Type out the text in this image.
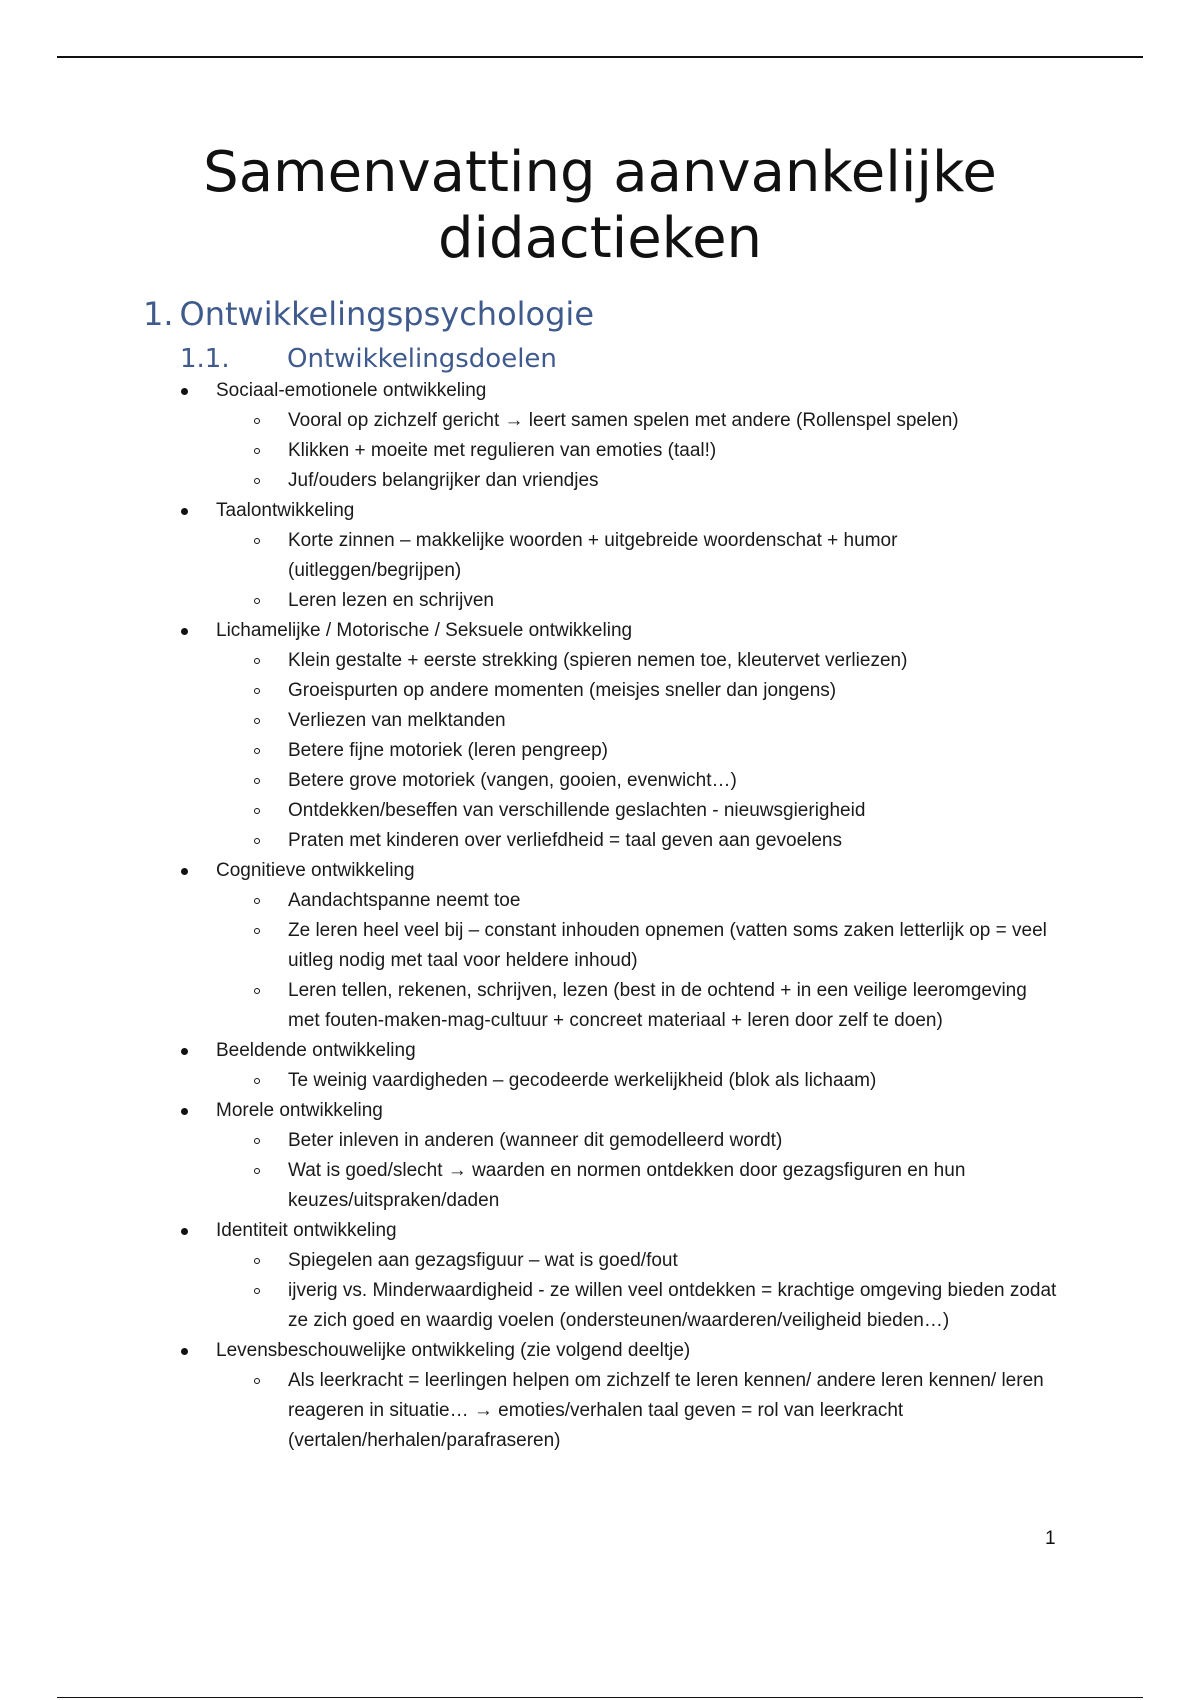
Samenvatting aanvankelijke
didactieken
1. Ontwikkelingspsychologie
1.1. Ontwikkelingsdoelen
Sociaal-emotionele ontwikkeling
Vooral op zichzelf gericht → leert samen spelen met andere (Rollenspel spelen)
Klikken + moeite met regulieren van emoties (taal!)
Juf/ouders belangrijker dan vriendjes
Taalontwikkeling
Korte zinnen – makkelijke woorden + uitgebreide woordenschat + humor (uitleggen/begrijpen)
Leren lezen en schrijven
Lichamelijke / Motorische / Seksuele ontwikkeling
Klein gestalte + eerste strekking (spieren nemen toe, kleutervet verliezen)
Groeispurten op andere momenten (meisjes sneller dan jongens)
Verliezen van melktanden
Betere fijne motoriek (leren pengreep)
Betere grove motoriek (vangen, gooien, evenwicht…)
Ontdekken/beseffen van verschillende geslachten - nieuwsgierigheid
Praten met kinderen over verliefdheid = taal geven aan gevoelens
Cognitieve ontwikkeling
Aandachtspanne neemt toe
Ze leren heel veel bij – constant inhouden opnemen (vatten soms zaken letterlijk op = veel uitleg nodig met taal voor heldere inhoud)
Leren tellen, rekenen, schrijven, lezen (best in de ochtend + in een veilige leeromgeving met fouten-maken-mag-cultuur + concreet materiaal + leren door zelf te doen)
Beeldende ontwikkeling
Te weinig vaardigheden – gecodeerde werkelijkheid (blok als lichaam)
Morele ontwikkeling
Beter inleven in anderen (wanneer dit gemodelleerd wordt)
Wat is goed/slecht → waarden en normen ontdekken door gezagsfiguren en hun keuzes/uitspraken/daden
Identiteit ontwikkeling
Spiegelen aan gezagsfiguur – wat is goed/fout
ijverig vs. Minderwaardigheid - ze willen veel ontdekken = krachtige omgeving bieden zodat ze zich goed en waardig voelen (ondersteunen/waarderen/veiligheid bieden…)
Levensbeschouwelijke ontwikkeling (zie volgend deeltje)
Als leerkracht = leerlingen helpen om zichzelf te leren kennen/ andere leren kennen/ leren reageren in situatie… → emoties/verhalen taal geven = rol van leerkracht (vertalen/herhalen/parafraseren)
1
